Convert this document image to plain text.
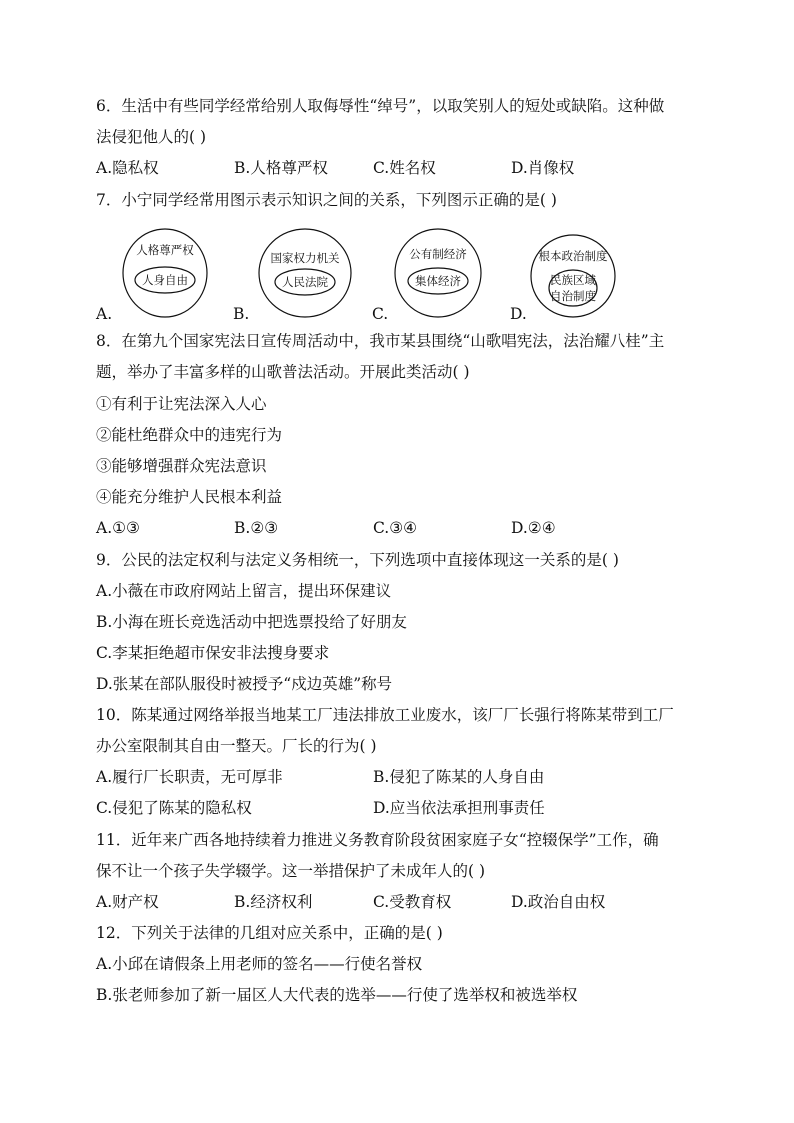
6．生活中有些同学经常给别人取侮辱性“绰号”，以取笑别人的短处或缺陷。这种做
法侵犯他人的( )
A.隐私权	B.人格尊严权	C.姓名权	D.肖像权
7．小宁同学经常用图示表示知识之间的关系，下列图示正确的是( )
A.
人格尊严权
人身自由
B.
国家权力机关
人民法院
C.
公有制经济
集体经济
D.
根本政治制度
民族区域
自治制度
8．在第九个国家宪法日宣传周活动中，我市某县围绕“山歌唱宪法，法治耀八桂”主
题，举办了丰富多样的山歌普法活动。开展此类活动( )
①有利于让宪法深入人心
②能杜绝群众中的违宪行为
③能够增强群众宪法意识
④能充分维护人民根本利益
A.①③	B.②③	C.③④	D.②④
9．公民的法定权利与法定义务相统一，下列选项中直接体现这一关系的是( )
A.小薇在市政府网站上留言，提出环保建议
B.小海在班长竞选活动中把选票投给了好朋友
C.李某拒绝超市保安非法搜身要求
D.张某在部队服役时被授予“戍边英雄”称号
10．陈某通过网络举报当地某工厂违法排放工业废水，该厂厂长强行将陈某带到工厂
办公室限制其自由一整天。厂长的行为( )
A.履行厂长职责，无可厚非	B.侵犯了陈某的人身自由
C.侵犯了陈某的隐私权	D.应当依法承担刑事责任
11．近年来广西各地持续着力推进义务教育阶段贫困家庭子女“控辍保学”工作，确
保不让一个孩子失学辍学。这一举措保护了未成年人的( )
A.财产权	B.经济权利	C.受教育权	D.政治自由权
12．下列关于法律的几组对应关系中，正确的是( )
A.小邱在请假条上用老师的签名——行使名誉权
B.张老师参加了新一届区人大代表的选举——行使了选举权和被选举权
